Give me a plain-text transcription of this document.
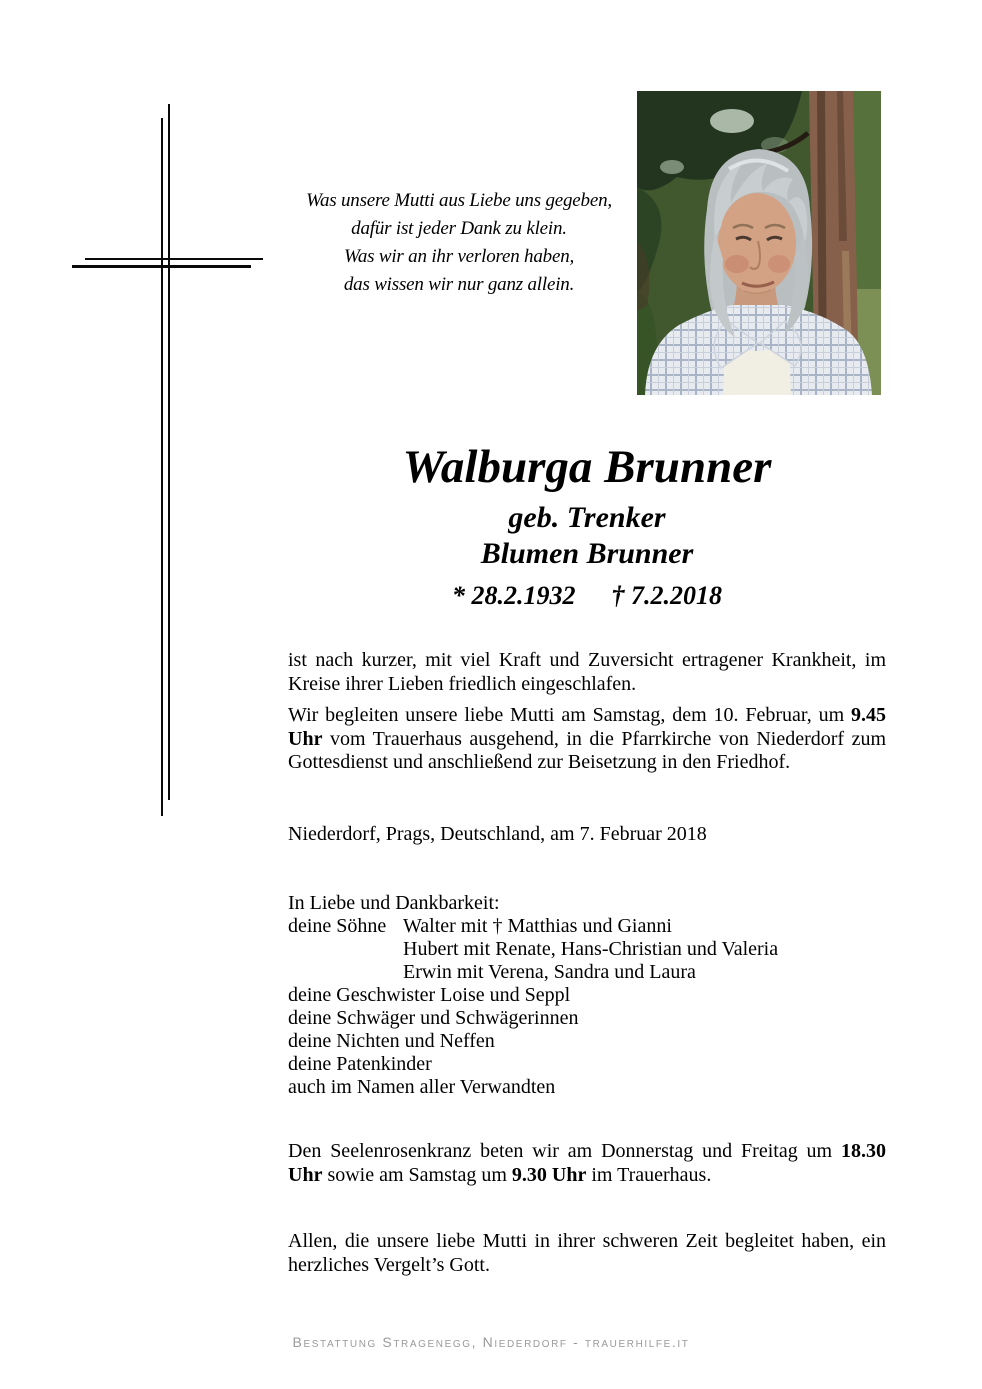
Was unsere Mutti aus Liebe uns gegeben,
dafür ist jeder Dank zu klein.
Was wir an ihr verloren haben,
das wissen wir nur ganz allein.
Walburga Brunner
geb. Trenker
Blumen Brunner
* 28.2.1932 † 7.2.2018

ist nach kurzer, mit viel Kraft und Zuversicht ertragener Krankheit, im Kreise ihrer Lieben friedlich eingeschlafen.

Wir begleiten unsere liebe Mutti am Samstag, dem 10. Februar, um 9.45 Uhr vom Trauerhaus ausgehend, in die Pfarrkirche von Niederdorf zum Gottesdienst und anschließend zur Beisetzung in den Friedhof.

Niederdorf, Prags, Deutschland, am 7. Februar 2018
In Liebe und Dankbarkeit:
deine Söhne Walter mit † Matthias und Gianni
Hubert mit Renate, Hans-Christian und Valeria
Erwin mit Verena, Sandra und Laura
deine Geschwister Loise und Seppl
deine Schwäger und Schwägerinnen
deine Nichten und Neffen
deine Patenkinder
auch im Namen aller Verwandten

Den Seelenrosenkranz beten wir am Donnerstag und Freitag um 18.30 Uhr sowie am Samstag um 9.30 Uhr im Trauerhaus.

Allen, die unsere liebe Mutti in ihrer schweren Zeit begleitet haben, ein herzliches Vergelt’s Gott.

Bestattung Stragenegg, Niederdorf - trauerhilfe.it
